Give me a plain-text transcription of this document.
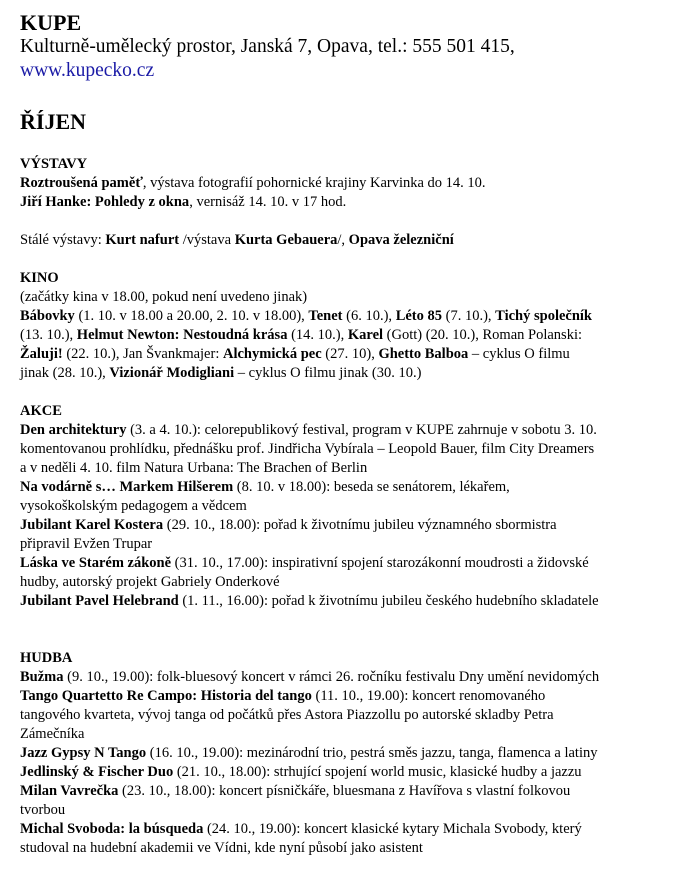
KUPE

Kulturně-umělecký prostor, Janská 7, Opava, tel.: 555 501 415,

www.kupecko.cz

ŘÍJEN

VÝSTAVY

Roztroušená paměť, výstava fotografií pohornické krajiny Karvinka do 14. 10.

Jiří Hanke: Pohledy z okna, vernisáž 14. 10. v 17 hod.

Stálé výstavy: Kurt nafurt /výstava Kurta Gebauera/, Opava železniční

KINO

(začátky kina v 18.00, pokud není uvedeno jinak)

Bábovky (1. 10. v 18.00 a 20.00, 2. 10. v 18.00), Tenet (6. 10.), Léto 85 (7. 10.), Tichý společník

(13. 10.), Helmut Newton: Nestoudná krása (14. 10.), Karel (Gott) (20. 10.), Roman Polanski:

Žaluji! (22. 10.), Jan Švankmajer: Alchymická pec (27. 10), Ghetto Balboa – cyklus O filmu

jinak (28. 10.), Vizionář Modigliani – cyklus O filmu jinak (30. 10.)

AKCE

Den architektury (3. a 4. 10.): celorepublikový festival, program v KUPE zahrnuje v sobotu 3. 10.

komentovanou prohlídku, přednášku prof. Jindřicha Vybírala – Leopold Bauer, film City Dreamers

a v neděli 4. 10. film Natura Urbana: The Brachen of Berlin

Na vodárně s… Markem Hilšerem (8. 10. v 18.00): beseda se senátorem, lékařem,

vysokoškolským pedagogem a vědcem

Jubilant Karel Kostera (29. 10., 18.00): pořad k životnímu jubileu významného sbormistra

připravil Evžen Trupar

Láska ve Starém zákoně (31. 10., 17.00): inspirativní spojení starozákonní moudrosti a židovské

hudby, autorský projekt Gabriely Onderkové

Jubilant Pavel Helebrand (1. 11., 16.00): pořad k životnímu jubileu českého hudebního skladatele

HUDBA

Bužma (9. 10., 19.00): folk-bluesový koncert v rámci 26. ročníku festivalu Dny umění nevidomých

Tango Quartetto Re Campo: Historia del tango (11. 10., 19.00): koncert renomovaného

tangového kvarteta, vývoj tanga od počátků přes Astora Piazzollu po autorské skladby Petra

Zámečníka

Jazz Gypsy N Tango (16. 10., 19.00): mezinárodní trio, pestrá směs jazzu, tanga, flamenca a latiny

Jedlinský & Fischer Duo (21. 10., 18.00): strhující spojení world music, klasické hudby a jazzu

Milan Vavrečka (23. 10., 18.00): koncert písničkáře, bluesmana z Havířova s vlastní folkovou

tvorbou

Michal Svoboda: la búsqueda (24. 10., 19.00): koncert klasické kytary Michala Svobody, který

studoval na hudební akademii ve Vídni, kde nyní působí jako asistent
